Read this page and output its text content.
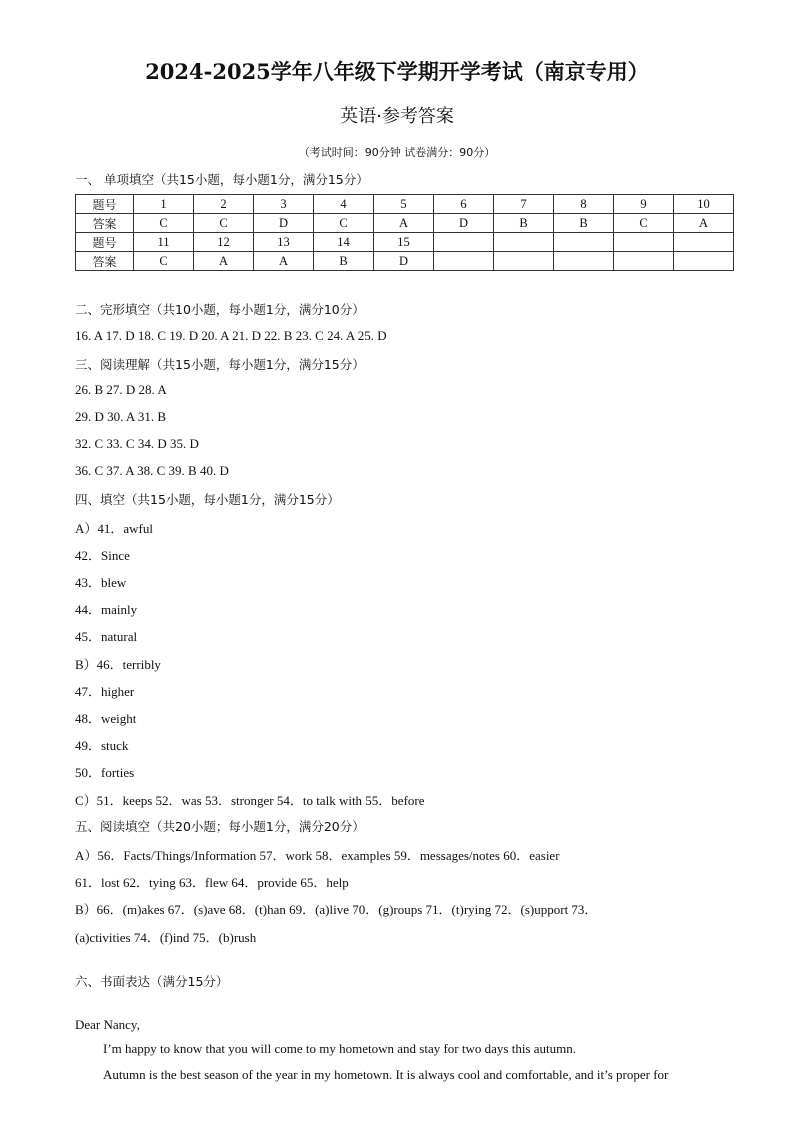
2024-2025学年八年级下学期开学考试（南京专用）
英语·参考答案
（考试时间：90分钟 试卷满分：90分）
一、 单项填空（共15小题，每小题1分，满分15分）
题号	1	2	3	4	5	6	7	8	9	10
答案	C	C	D	C	A	D	B	B	C	A
题号	11	12	13	14	15					
答案	C	A	A	B	D					
二、完形填空（共10小题，每小题1分，满分10分）
16. A 17. D 18. C 19. D 20. A 21. D 22. B 23. C 24. A 25. D
三、阅读理解（共15小题，每小题1分，满分15分）
26. B 27. D 28. A
29. D 30. A 31. B
32. C 33. C 34. D 35. D
36. C 37. A 38. C 39. B 40. D
四、填空（共15小题，每小题1分，满分15分）
A）41．awful
42．Since
43．blew
44．mainly
45．natural
B）46．terribly
47．higher
48．weight
49．stuck
50．forties
C）51．keeps 52．was 53．stronger 54．to talk with 55．before
五、阅读填空（共20小题；每小题1分，满分20分）
A）56．Facts/Things/Information 57．work 58．examples 59．messages/notes 60．easier
61．lost 62．tying 63．flew 64．provide 65．help
B）66．(m)akes 67．(s)ave 68．(t)han 69．(a)live 70．(g)roups 71．(t)rying 72．(s)upport 73．
(a)ctivities 74．(f)ind 75．(b)rush
六、书面表达（满分15分）
Dear Nancy,
I’m happy to know that you will come to my hometown and stay for two days this autumn.
Autumn is the best season of the year in my hometown. It is always cool and comfortable, and it’s proper for
